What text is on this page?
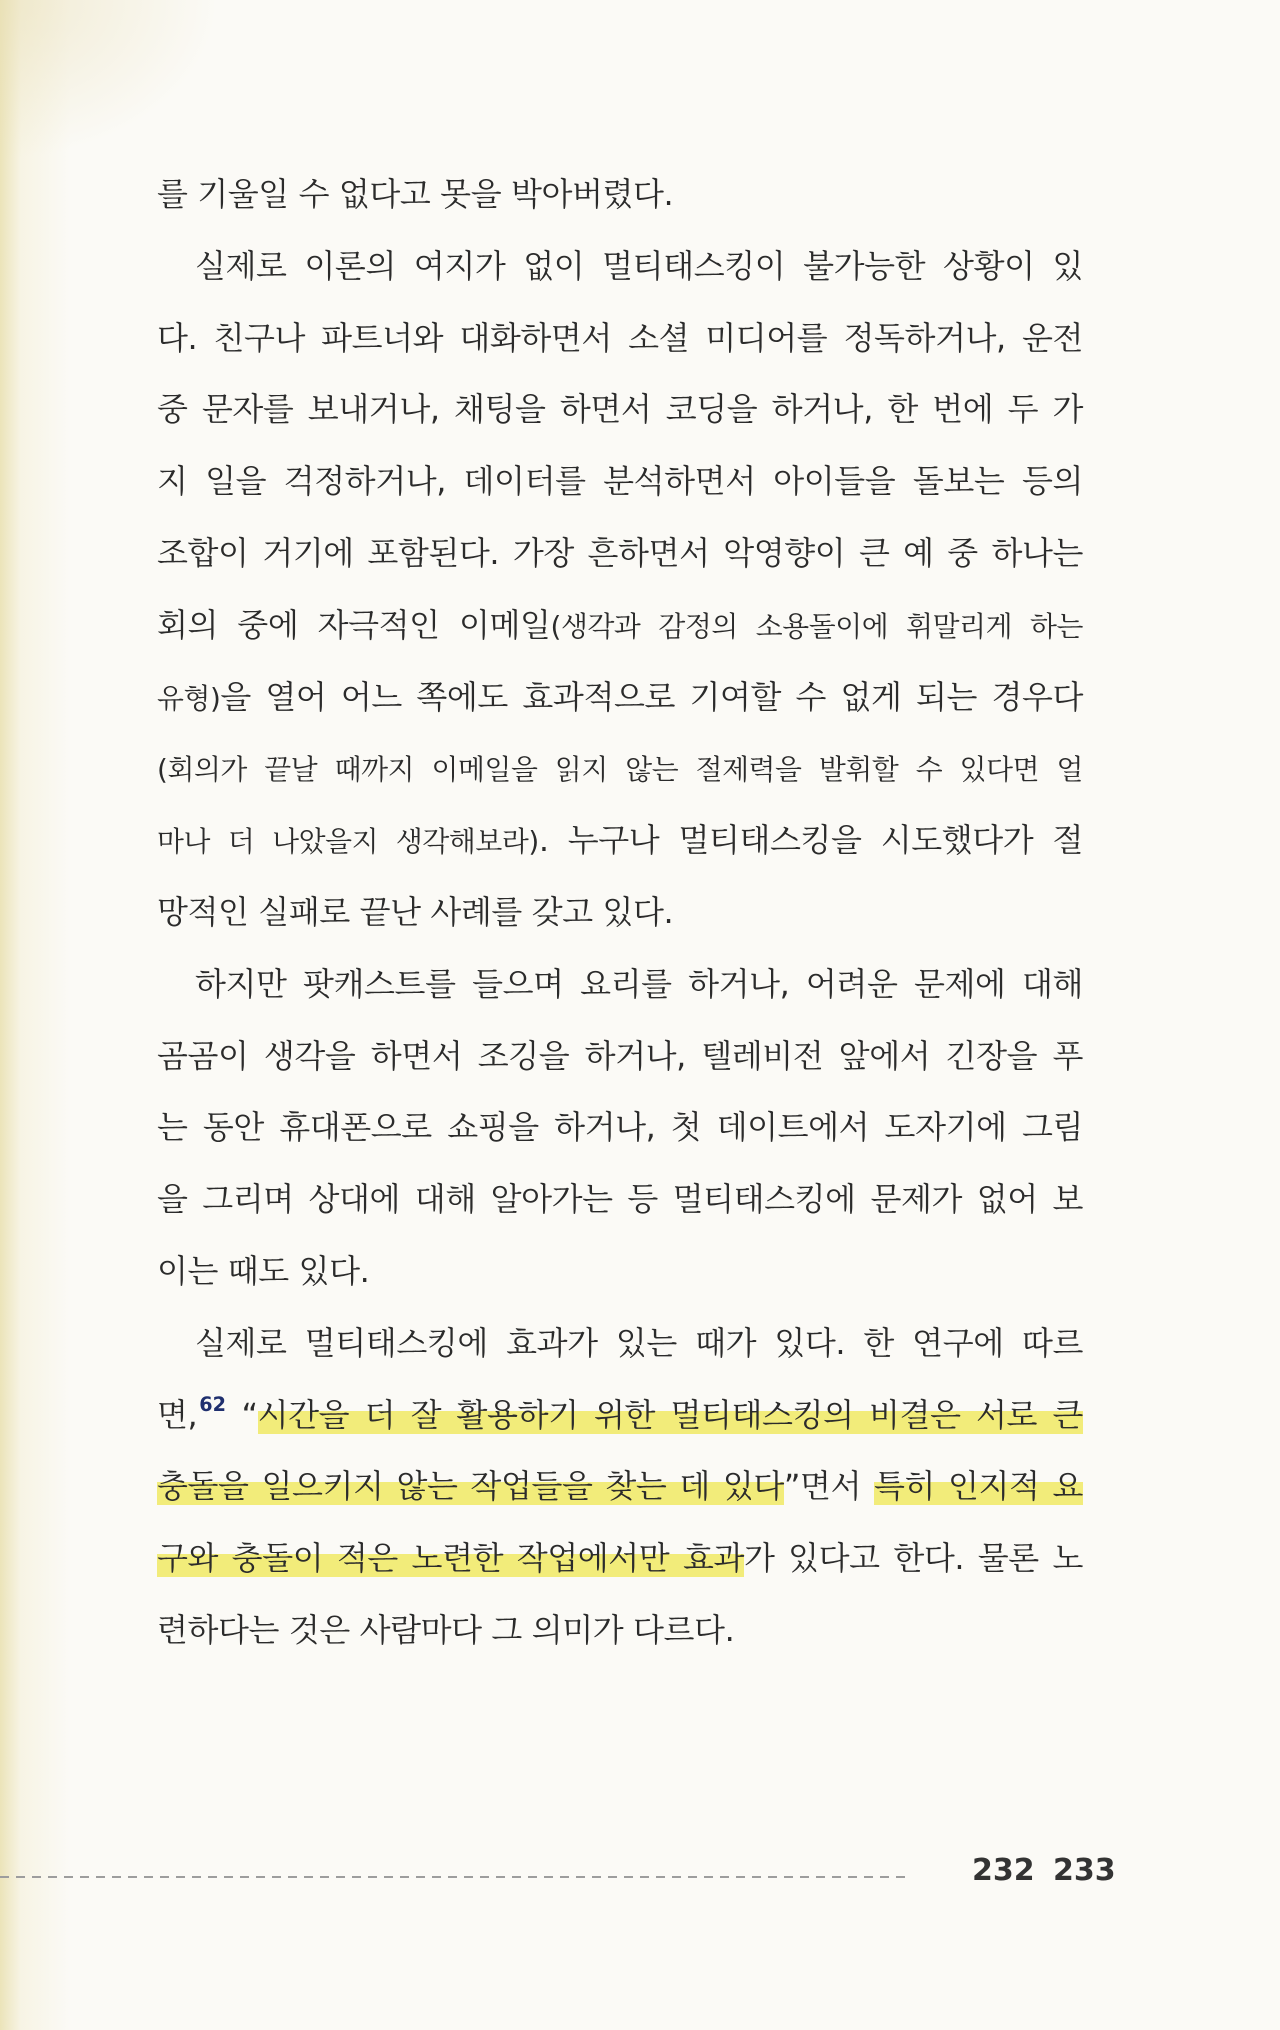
를 기울일 수 없다고 못을 박아버렸다.
실제로 이론의 여지가 없이 멀티태스킹이 불가능한 상황이 있
다. 친구나 파트너와 대화하면서 소셜 미디어를 정독하거나, 운전
중 문자를 보내거나, 채팅을 하면서 코딩을 하거나, 한 번에 두 가
지 일을 걱정하거나, 데이터를 분석하면서 아이들을 돌보는 등의
조합이 거기에 포함된다. 가장 흔하면서 악영향이 큰 예 중 하나는
회의 중에 자극적인 이메일(생각과 감정의 소용돌이에 휘말리게 하는
유형)을 열어 어느 쪽에도 효과적으로 기여할 수 없게 되는 경우다
(회의가 끝날 때까지 이메일을 읽지 않는 절제력을 발휘할 수 있다면 얼
마나 더 나았을지 생각해보라). 누구나 멀티태스킹을 시도했다가 절
망적인 실패로 끝난 사례를 갖고 있다.
하지만 팟캐스트를 들으며 요리를 하거나, 어려운 문제에 대해
곰곰이 생각을 하면서 조깅을 하거나, 텔레비전 앞에서 긴장을 푸
는 동안 휴대폰으로 쇼핑을 하거나, 첫 데이트에서 도자기에 그림
을 그리며 상대에 대해 알아가는 등 멀티태스킹에 문제가 없어 보
이는 때도 있다.
실제로 멀티태스킹에 효과가 있는 때가 있다. 한 연구에 따르
면, $^{62}$ “시간을 더 잘 활용하기 위한 멀티태스킹의 비결은 서로 큰
충돌을 일으키지 않는 작업들을 찾는 데 있다”면서 특히 인지적 요
구와 충돌이 적은 노련한 작업에서만 효과가 있다고 한다. 물론 노
련하다는 것은 사람마다 그 의미가 다르다.
232 233
